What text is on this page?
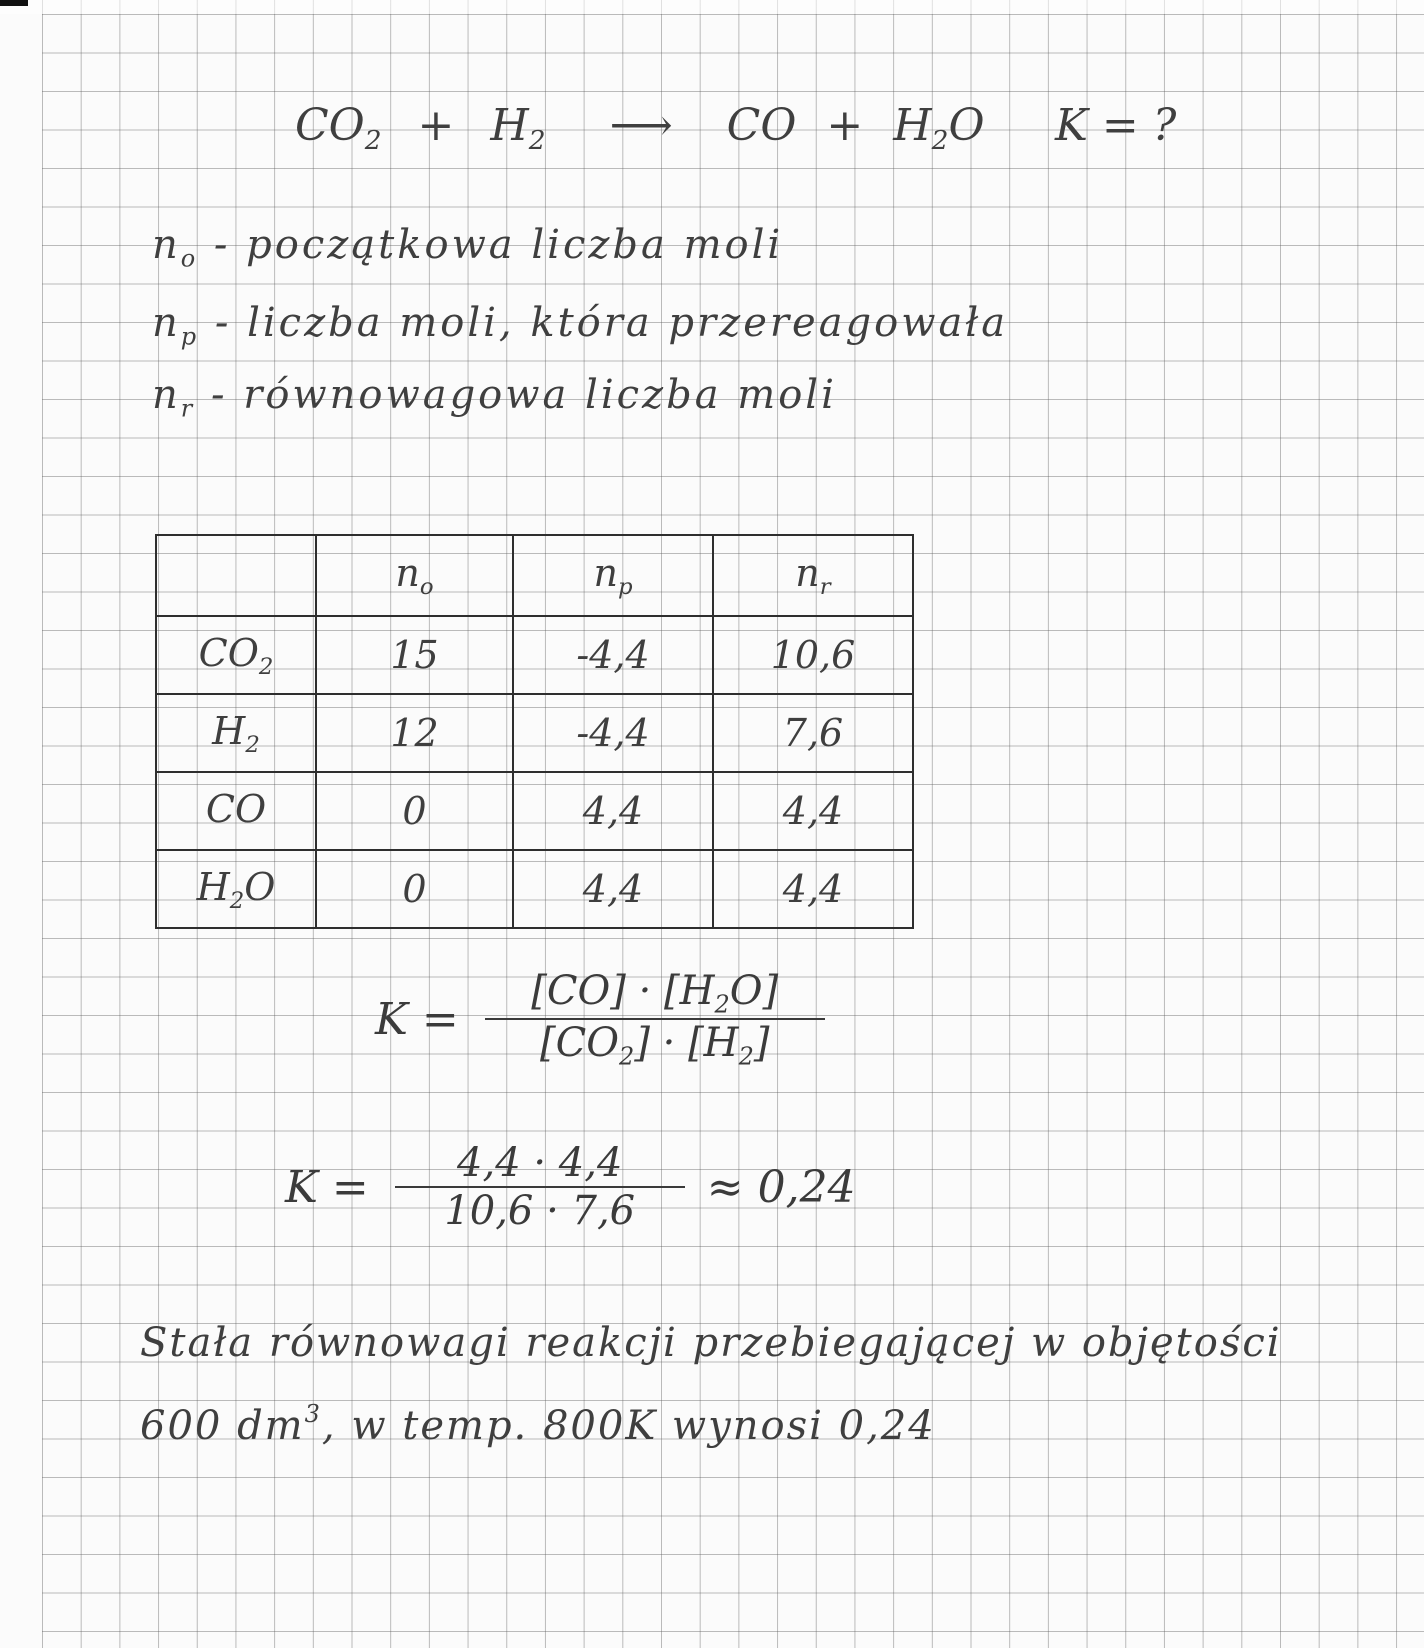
$CO_2 + H_2$ ⟶ CO + $H_2O$ K = ?
$n_o$ - początkowa liczba moli
$n_p$ - liczba moli, która przereagowała
$n_r$ - równowagowa liczba moli
	$n_o$	$n_p$	$n_r$
$CO_2$	15	-4,4	10,6
$H_2$	12	-4,4	7,6
CO	0	4,4	4,4
$H_2O$	0	4,4	4,4
$K = \frac{[CO] \cdot [H_2O]}{[CO_2] \cdot [H_2]}$
$K = \frac{4,4 \cdot 4,4}{10,6 \cdot 7,6} \approx 0,24$
Stała równowagi reakcji przebiegającej w objętości
600 $dm^3$, w temp. 800K wynosi 0,24
